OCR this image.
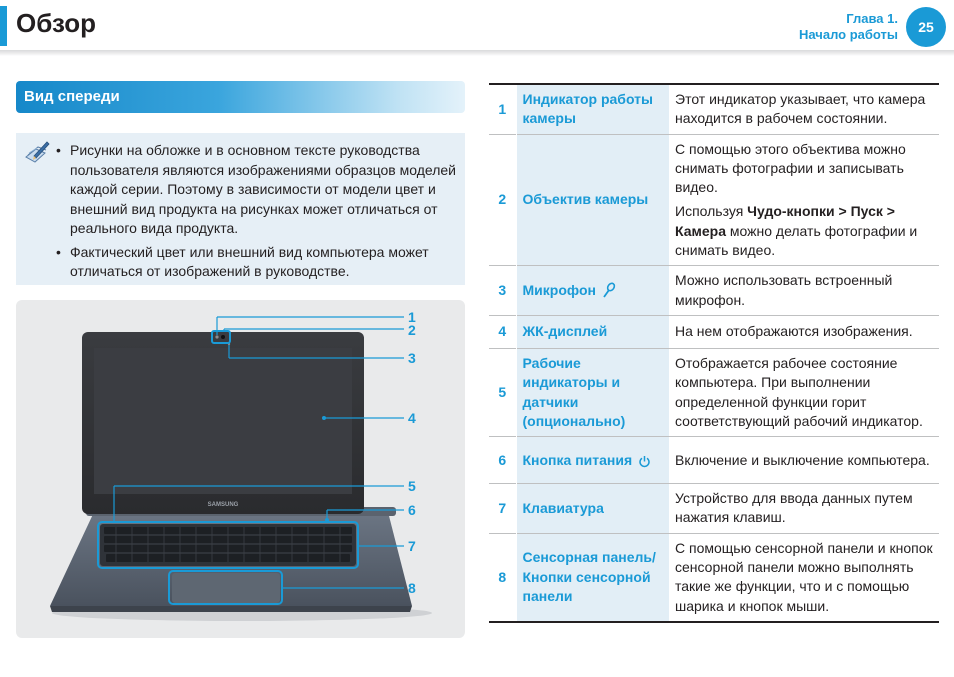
Обзор	Глава 1.
Начало работы	25
Вид спереди
• Рисунки на обложке и в основном тексте руководства пользователя являются изображениями образцов моделей каждой серии. Поэтому в зависимости от модели цвет и внешний вид продукта на рисунках может отличаться от реального вида продукта.
• Фактический цвет или внешний вид компьютера может отличаться от изображений в руководстве.
SAMSUNG
1
2
3
4
5
6
7
8
1	Индикатор работы камеры	Этот индикатор указывает, что камера находится в рабочем состоянии.

2	Объектив камеры	С помощью этого объектива можно снимать фотографии и записывать видео.

Используя Чудо-кнопки > Пуск > Камера можно делать фотографии и снимать видео.

3	Микрофон	Можно использовать встроенный микрофон.

4	ЖК-дисплей	На нем отображаются изображения.

5	Рабочие индикаторы и датчики (опционально)	Отображается рабочее состояние компьютера. При выполнении определенной функции горит соответствующий рабочий индикатор.

6	Кнопка питания	Включение и выключение компьютера.

7	Клавиатура	Устройство для ввода данных путем нажатия клавиш.

8	Сенсорная панель/ Кнопки сенсорной панели	С помощью сенсорной панели и кнопок сенсорной панели можно выполнять такие же функции, что и с помощью шарика и кнопок мыши.
